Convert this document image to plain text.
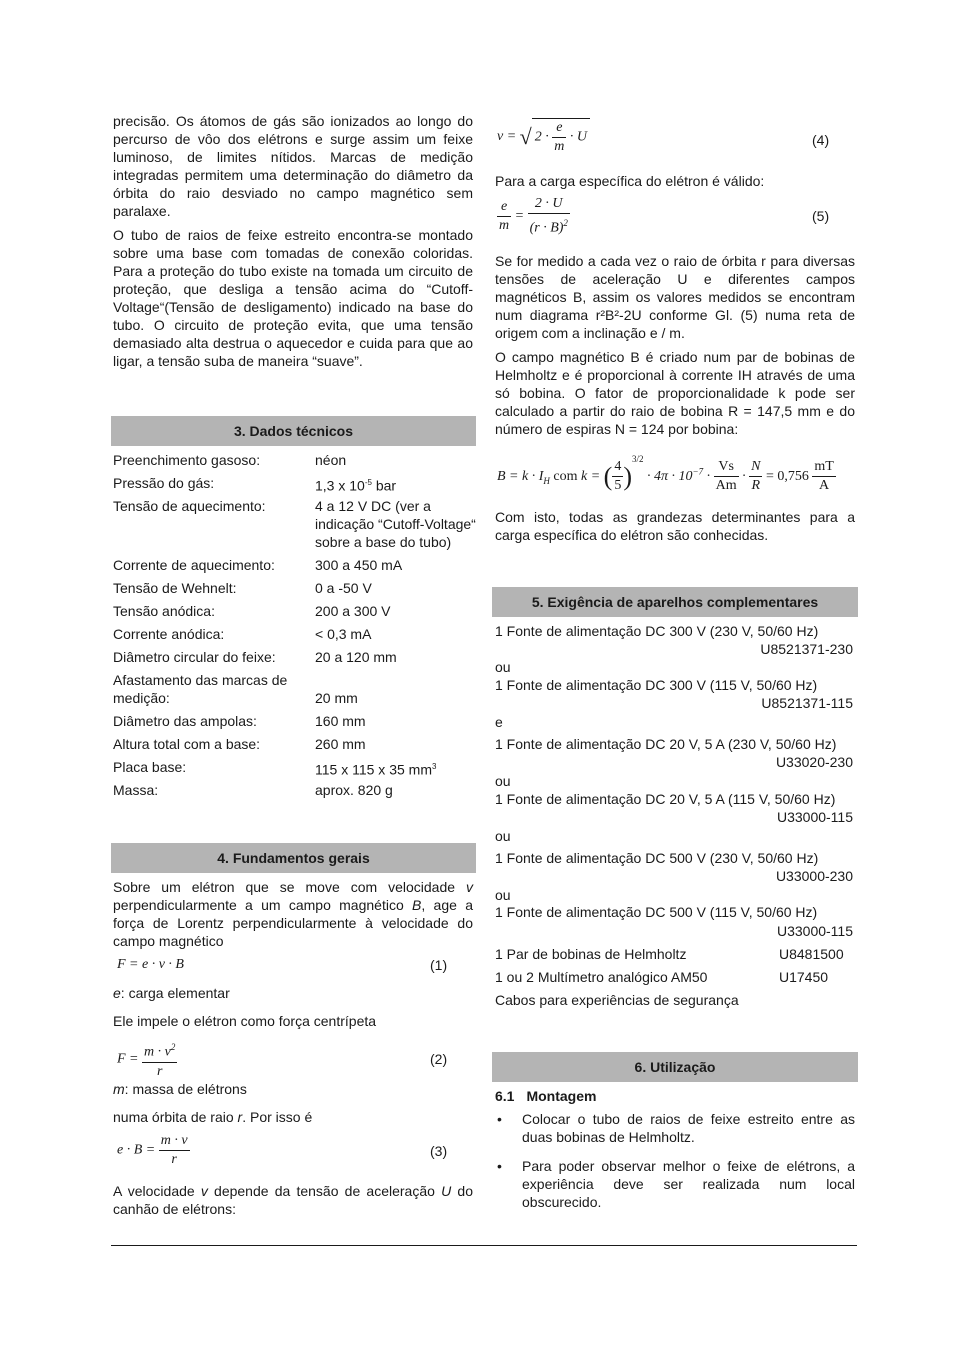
precisão. Os átomos de gás são ionizados ao longo do percurso de vôo dos elétrons e surge assim um feixe luminoso, de limites nítidos. Marcas de medição integradas permitem uma determinação do diâmetro da órbita do raio desviado no campo magnético sem paralaxe.

O tubo de raios de feixe estreito encontra-se montado sobre uma base com tomadas de conexão coloridas. Para a proteção do tubo existe na tomada um circuito de proteção, que desliga a tensão acima do “Cutoff-Voltage“(Tensão de desligamento) indicado na base do tubo. O circuito de proteção evita, que uma tensão demasiado alta destrua o aquecedor e cuida para que ao ligar, a tensão suba de maneira “suave”.

3. Dados técnicos
Preenchimento gasoso:	néon
Pressão do gás:	1,3 x $10^{-5}$ bar
Tensão de aquecimento:	4 a 12 V DC (ver a indicação “Cutoff-Voltage“ sobre a base do tubo)
Corrente de aquecimento:	300 a 450 mA
Tensão de Wehnelt:	0 a -50 V
Tensão anódica:	200 a 300 V
Corrente anódica:	< 0,3 mA
Diâmetro circular do feixe:	20 a 120 mm
Afastamento das marcas de medição:	20 mm
Diâmetro das ampolas:	160 mm
Altura total com a base:	260 mm
Placa base:	115 x 115 x 35 $mm^3$
Massa:	aprox. 820 g
4. Fundamentos gerais
Sobre um elétron que se move com velocidade v perpendicularmente a um campo magnético B, age a força de Lorentz perpendicularmente à velocidade do campo magnético
F = e · v · B	(1)
e: carga elementar
Ele impele o elétron como força centrípeta
$F = \frac{m \cdot v^2}{r}$	(2)
m: massa de elétrons
numa órbita de raio r. Por isso é
$e \cdot B = \frac{m \cdot v}{r}$	(3)
A velocidade v depende da tensão de aceleração U do canhão de elétrons:
v = √ $2 \cdot \frac{e}{m} \cdot U$	(4)
Para a carga específica do elétron é válido:
$\frac{e}{m} = \frac{2 \cdot U}{(r \cdot B)^2}$	(5)
Se for medido a cada vez o raio de órbita r para diversas tensões de aceleração U e diferentes campos magnéticos B, assim os valores medidos se encontram num diagrama r²B²-2U conforme Gl. (5) numa reta de origem com a inclinação e / m.
O campo magnético B é criado num par de bobinas de Helmholtz e é proporcional à corrente IH através de uma só bobina. O fator de proporcionalidade k pode ser calculado a partir do raio de bobina R = 147,5 mm e do número de espiras N = 124 por bobina:
$B = k \cdot I_H$ com k = ( $\frac{4}{5} )^{3/2} \cdot 4\pi \cdot 10^{-7} \cdot \frac{Vs}{Am} \cdot \frac{N}{R} = 0,756 \frac{mT}{A}$
Com isto, todas as grandezas determinantes para a carga específica do elétron são conhecidas.
5. Exigência de aparelhos complementares
1 Fonte de alimentação DC 300 V (230 V, 50/60 Hz)
U8521371-230
ou
1 Fonte de alimentação DC 300 V (115 V, 50/60 Hz)
U8521371-115
e
1 Fonte de alimentação DC 20 V, 5 A (230 V, 50/60 Hz)
U33020-230
ou
1 Fonte de alimentação DC 20 V, 5 A (115 V, 50/60 Hz)
U33000-115
ou
1 Fonte de alimentação DC 500 V (230 V, 50/60 Hz)
U33000-230
ou
1 Fonte de alimentação DC 500 V (115 V, 50/60 Hz)
U33000-115
1 Par de bobinas de Helmholtz	U8481500
1 ou 2 Multímetro analógico AM50	U17450
Cabos para experiências de segurança
6. Utilização
6.1 Montagem
• Colocar o tubo de raios de feixe estreito entre as duas bobinas de Helmholtz.
• Para poder observar melhor o feixe de elétrons, a experiência deve ser realizada num local obscurecido.
